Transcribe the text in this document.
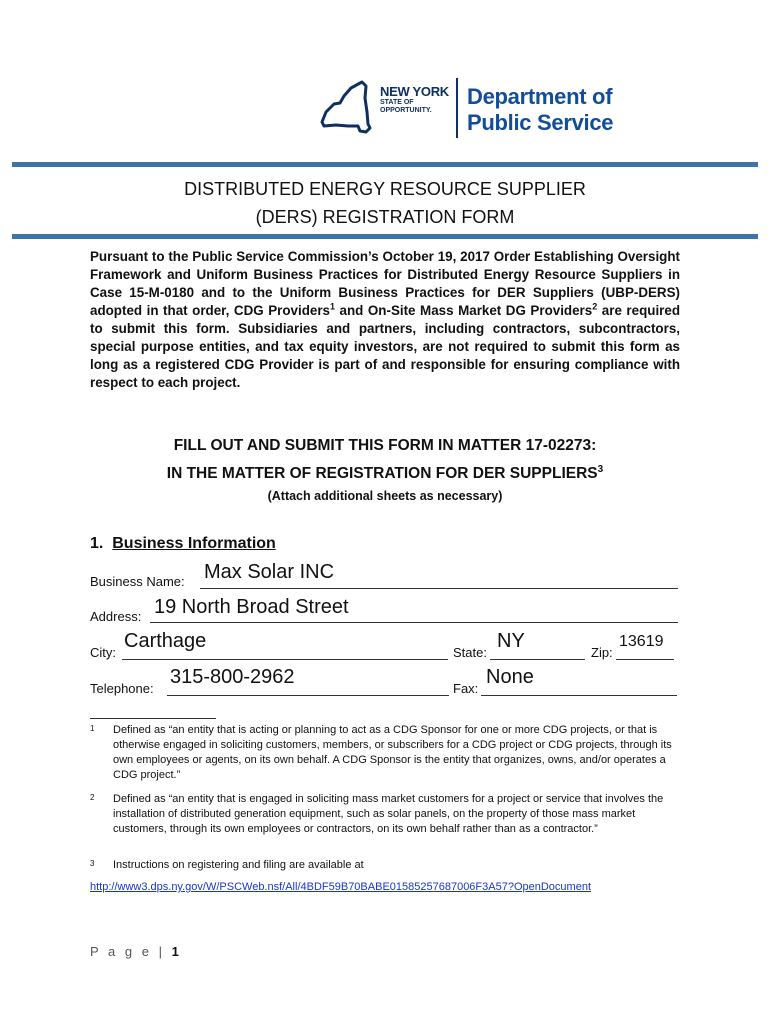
NEW YORK
STATE OF
OPPORTUNITY.
Department of
Public Service
DISTRIBUTED ENERGY RESOURCE SUPPLIER
(DERS) REGISTRATION FORM
Pursuant to the Public Service Commission’s October 19, 2017 Order Establishing Oversight Framework and Uniform Business Practices for Distributed Energy Resource Suppliers in Case 15-M-0180 and to the Uniform Business Practices for DER Suppliers (UBP-DERS) adopted in that order, CDG Providers$^1$ and On-Site Mass Market DG Providers$^2$ are required to submit this form. Subsidiaries and partners, including contractors, subcontractors, special purpose entities, and tax equity investors, are not required to submit this form as long as a registered CDG Provider is part of and responsible for ensuring compliance with respect to each project.
FILL OUT AND SUBMIT THIS FORM IN MATTER 17-02273:
IN THE MATTER OF REGISTRATION FOR DER SUPPLIERS$^3$
(Attach additional sheets as necessary)
1. Business Information
Business Name: Max Solar INC
Address: 19 North Broad Street
City:
Carthage
State:
NY
Zip:
13619
Telephone:
315-800-2962
Fax:
None
1 Defined as “an entity that is acting or planning to act as a CDG Sponsor for one or more CDG projects, or that is otherwise engaged in soliciting customers, members, or subscribers for a CDG project or CDG projects, through its own employees or agents, on its own behalf. A CDG Sponsor is the entity that organizes, owns, and/or operates a CDG project.”
2 Defined as “an entity that is engaged in soliciting mass market customers for a project or service that involves the installation of distributed generation equipment, such as solar panels, on the property of those mass market customers, through its own employees or contractors, on its own behalf rather than as a contractor.”
3 Instructions on registering and filing are available at
http://www3.dps.ny.gov/W/PSCWeb.nsf/All/4BDF59B70BABE01585257687006F3A57?OpenDocument
P a g e | 1
